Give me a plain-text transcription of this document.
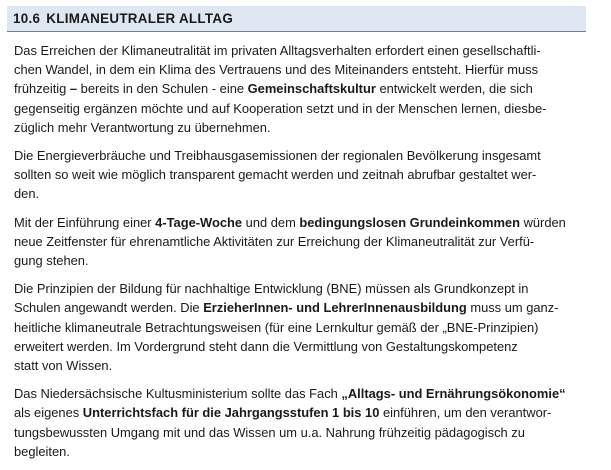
10.6 KLIMANEUTRALER ALLTAG

Das Erreichen der Klimaneutralität im privaten Alltagsverhalten erfordert einen gesellschaftli-
chen Wandel, in dem ein Klima des Vertrauens und des Miteinanders entsteht. Hierfür muss
frühzeitig – bereits in den Schulen - eine Gemeinschaftskultur entwickelt werden, die sich
gegenseitig ergänzen möchte und auf Kooperation setzt und in der Menschen lernen, diesbe-
züglich mehr Verantwortung zu übernehmen.

Die Energieverbräuche und Treibhausgasemissionen der regionalen Bevölkerung insgesamt
sollten so weit wie möglich transparent gemacht werden und zeitnah abrufbar gestaltet wer-
den.

Mit der Einführung einer 4-Tage-Woche und dem bedingungslosen Grundeinkommen würden
neue Zeitfenster für ehrenamtliche Aktivitäten zur Erreichung der Klimaneutralität zur Verfü-
gung stehen.

Die Prinzipien der Bildung für nachhaltige Entwicklung (BNE) müssen als Grundkonzept in
Schulen angewandt werden. Die ErzieherInnen- und LehrerInnenausbildung muss um ganz-
heitliche klimaneutrale Betrachtungsweisen (für eine Lernkultur gemäß der „BNE-Prinzipien)
erweitert werden. Im Vordergrund steht dann die Vermittlung von Gestaltungskompetenz
statt von Wissen.

Das Niedersächsische Kultusministerium sollte das Fach „Alltags- und Ernährungsökonomie“
als eigenes Unterrichtsfach für die Jahrgangsstufen 1 bis 10 einführen, um den verantwor-
tungsbewussten Umgang mit und das Wissen um u.a. Nahrung frühzeitig pädagogisch zu
begleiten.
